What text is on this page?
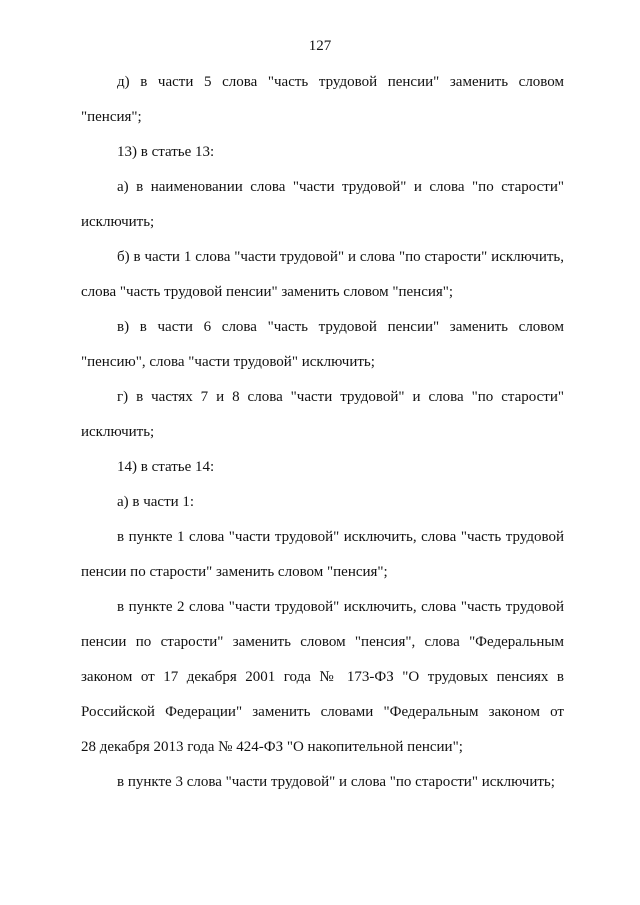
127
д) в части 5 слова "часть трудовой пенсии" заменить словом
"пенсия";
13) в статье 13:
а) в наименовании слова "части трудовой" и слова "по старости"
исключить;
б) в части 1 слова "части трудовой" и слова "по старости" исключить,
слова "часть трудовой пенсии" заменить словом "пенсия";
в) в части 6 слова "часть трудовой пенсии" заменить словом
"пенсию", слова "части трудовой" исключить;
г) в частях 7 и 8 слова "части трудовой" и слова "по старости"
исключить;
14) в статье 14:
а) в части 1:
в пункте 1 слова "части трудовой" исключить, слова "часть трудовой
пенсии по старости" заменить словом "пенсия";
в пункте 2 слова "части трудовой" исключить, слова "часть трудовой
пенсии по старости" заменить словом "пенсия", слова "Федеральным
законом от 17 декабря 2001 года № 173-ФЗ "О трудовых пенсиях в
Российской Федерации" заменить словами "Федеральным законом от
28 декабря 2013 года № 424-ФЗ "О накопительной пенсии";
в пункте 3 слова "части трудовой" и слова "по старости" исключить;
